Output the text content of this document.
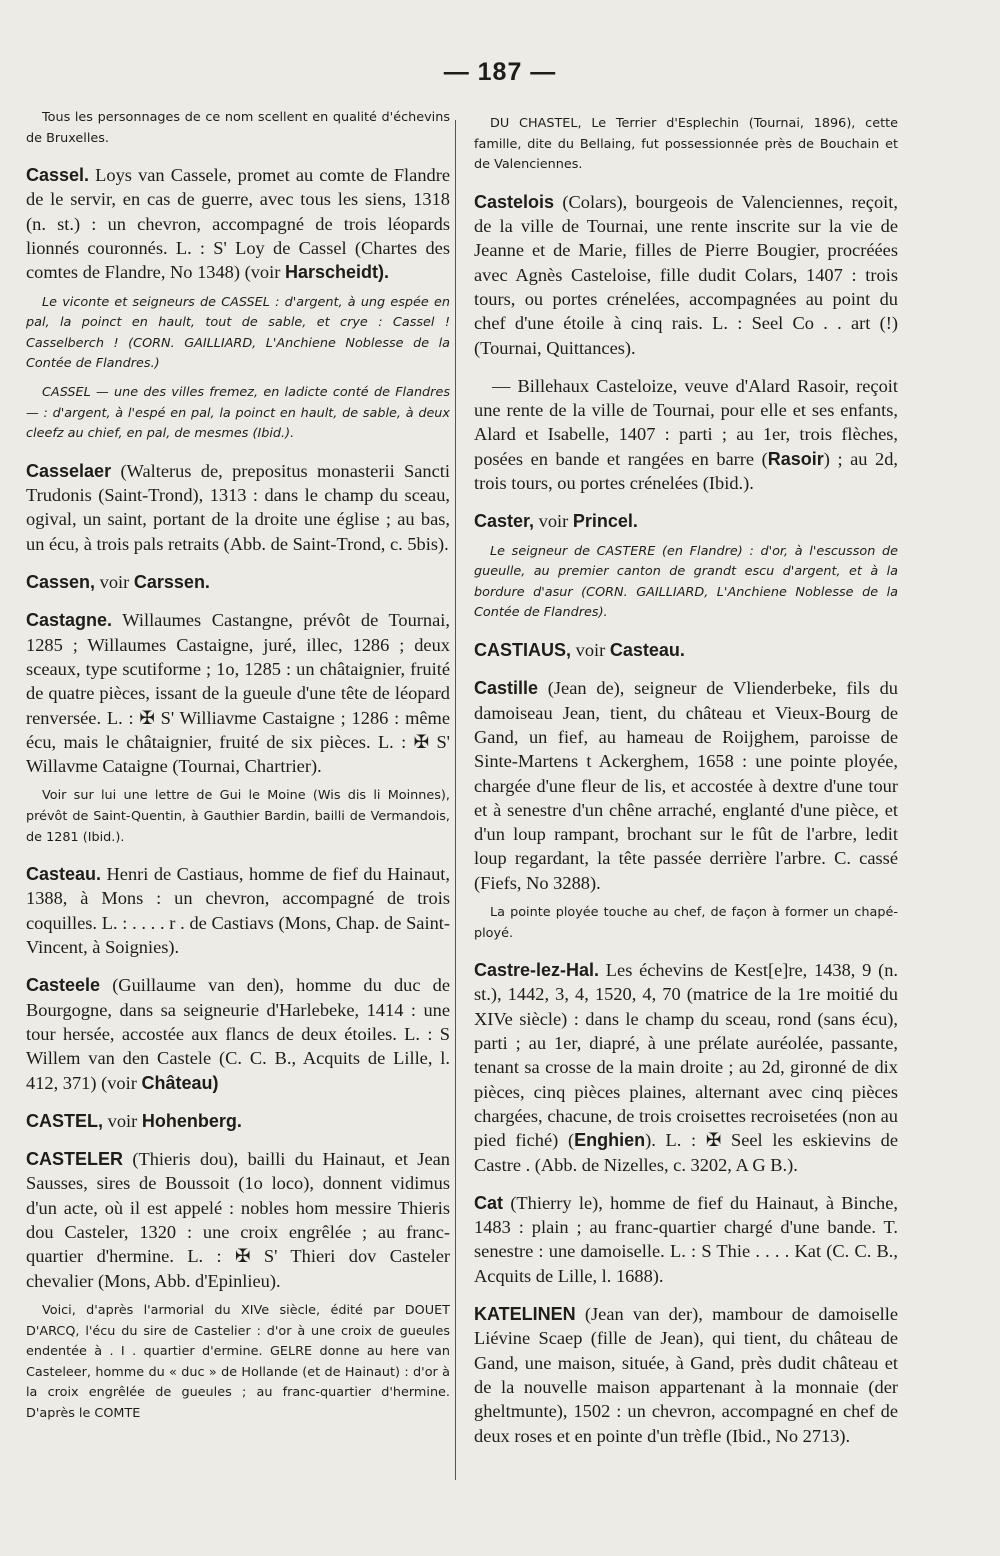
— 187 —

Tous les personnages de ce nom scellent en qualité d'échevins de Bruxelles.

Cassel. Loys van Cassele, promet au comte de Flandre de le servir, en cas de guerre, avec tous les siens, 1318 (n. st.) : un chevron, accompagné de trois léopards lionnés couronnés. L. : S' Loy de Cassel (Chartes des comtes de Flandre, No 1348) (voir Harscheidt).

Le viconte et seigneurs de CASSEL : d'argent, à ung espée en pal, la poinct en hault, tout de sable, et crye : Cassel ! Casselberch ! (CORN. GAILLIARD, L'Anchiene Noblesse de la Contée de Flandres.)

CASSEL — une des villes fremez, en ladicte conté de Flandres — : d'argent, à l'espé en pal, la poinct en hault, de sable, à deux cleefz au chief, en pal, de mesmes (Ibid.).

Casselaer (Walterus de, prepositus monasterii Sancti Trudonis (Saint-Trond), 1313 : dans le champ du sceau, ogival, un saint, portant de la droite une église ; au bas, un écu, à trois pals retraits (Abb. de Saint-Trond, c. 5bis).

Cassen, voir Carssen.

Castagne. Willaumes Castangne, prévôt de Tournai, 1285 ; Willaumes Castaigne, juré, illec, 1286 ; deux sceaux, type scutiforme ; 1o, 1285 : un châtaignier, fruité de quatre pièces, issant de la gueule d'une tête de léopard renversée. L. : ✠ S' Williavme Castaigne ; 1286 : même écu, mais le châtaignier, fruité de six pièces. L. : ✠ S' Willavme Cataigne (Tournai, Chartrier).

Voir sur lui une lettre de Gui le Moine (Wis dis li Moinnes), prévôt de Saint-Quentin, à Gauthier Bardin, bailli de Vermandois, de 1281 (Ibid.).

Casteau. Henri de Castiaus, homme de fief du Hainaut, 1388, à Mons : un chevron, accompagné de trois coquilles. L. : . . . . r . de Castiavs (Mons, Chap. de Saint-Vincent, à Soignies).

Casteele (Guillaume van den), homme du duc de Bourgogne, dans sa seigneurie d'Harlebeke, 1414 : une tour hersée, accostée aux flancs de deux étoiles. L. : S Willem van den Castele (C. C. B., Acquits de Lille, l. 412, 371) (voir Château)

CASTEL, voir Hohenberg.

CASTELER (Thieris dou), bailli du Hainaut, et Jean Sausses, sires de Boussoit (1o loco), donnent vidimus d'un acte, où il est appelé : nobles hom messire Thieris dou Casteler, 1320 : une croix engrêlée ; au franc-quartier d'hermine. L. : ✠ S' Thieri dov Casteler chevalier (Mons, Abb. d'Epinlieu).

Voici, d'après l'armorial du XIVe siècle, édité par DOUET D'ARCQ, l'écu du sire de Castelier : d'or à une croix de gueules endentée à . I . quartier d'ermine. GELRE donne au here van Casteleer, homme du « duc » de Hollande (et de Hainaut) : d'or à la croix engrêlée de gueules ; au franc-quartier d'hermine. D'après le COMTE

DU CHASTEL, Le Terrier d'Esplechin (Tournai, 1896), cette famille, dite du Bellaing, fut possessionnée près de Bouchain et de Valenciennes.

Castelois (Colars), bourgeois de Valenciennes, reçoit, de la ville de Tournai, une rente inscrite sur la vie de Jeanne et de Marie, filles de Pierre Bougier, procréées avec Agnès Casteloise, fille dudit Colars, 1407 : trois tours, ou portes crénelées, accompagnées au point du chef d'une étoile à cinq rais. L. : Seel Co . . art (!) (Tournai, Quittances).

— Billehaux Casteloize, veuve d'Alard Rasoir, reçoit une rente de la ville de Tournai, pour elle et ses enfants, Alard et Isabelle, 1407 : parti ; au 1er, trois flèches, posées en bande et rangées en barre (Rasoir) ; au 2d, trois tours, ou portes crénelées (Ibid.).

Caster, voir Princel.

Le seigneur de CASTERE (en Flandre) : d'or, à l'escusson de gueulle, au premier canton de grandt escu d'argent, et à la bordure d'asur (CORN. GAILLIARD, L'Anchiene Noblesse de la Contée de Flandres).

CASTIAUS, voir Casteau.

Castille (Jean de), seigneur de Vlienderbeke, fils du damoiseau Jean, tient, du château et Vieux-Bourg de Gand, un fief, au hameau de Roijghem, paroisse de Sinte-Martens t Ackerghem, 1658 : une pointe ployée, chargée d'une fleur de lis, et accostée à dextre d'une tour et à senestre d'un chêne arraché, englanté d'une pièce, et d'un loup rampant, brochant sur le fût de l'arbre, ledit loup regardant, la tête passée derrière l'arbre. C. cassé (Fiefs, No 3288).

La pointe ployée touche au chef, de façon à former un chapé-ployé.

Castre-lez-Hal. Les échevins de Kest[e]re, 1438, 9 (n. st.), 1442, 3, 4, 1520, 4, 70 (matrice de la 1re moitié du XIVe siècle) : dans le champ du sceau, rond (sans écu), parti ; au 1er, diapré, à une prélate auréolée, passante, tenant sa crosse de la main droite ; au 2d, gironné de dix pièces, cinq pièces plaines, alternant avec cinq pièces chargées, chacune, de trois croisettes recroisetées (non au pied fiché) (Enghien). L. : ✠ Seel les eskievins de Castre . (Abb. de Nizelles, c. 3202, A G B.).

Cat (Thierry le), homme de fief du Hainaut, à Binche, 1483 : plain ; au franc-quartier chargé d'une bande. T. senestre : une damoiselle. L. : S Thie . . . . Kat (C. C. B., Acquits de Lille, l. 1688).

KATELINEN (Jean van der), mambour de damoiselle Liévine Scaep (fille de Jean), qui tient, du château de Gand, une maison, située, à Gand, près dudit château et de la nouvelle maison appartenant à la monnaie (der gheltmunte), 1502 : un chevron, accompagné en chef de deux roses et en pointe d'un trèfle (Ibid., No 2713).
